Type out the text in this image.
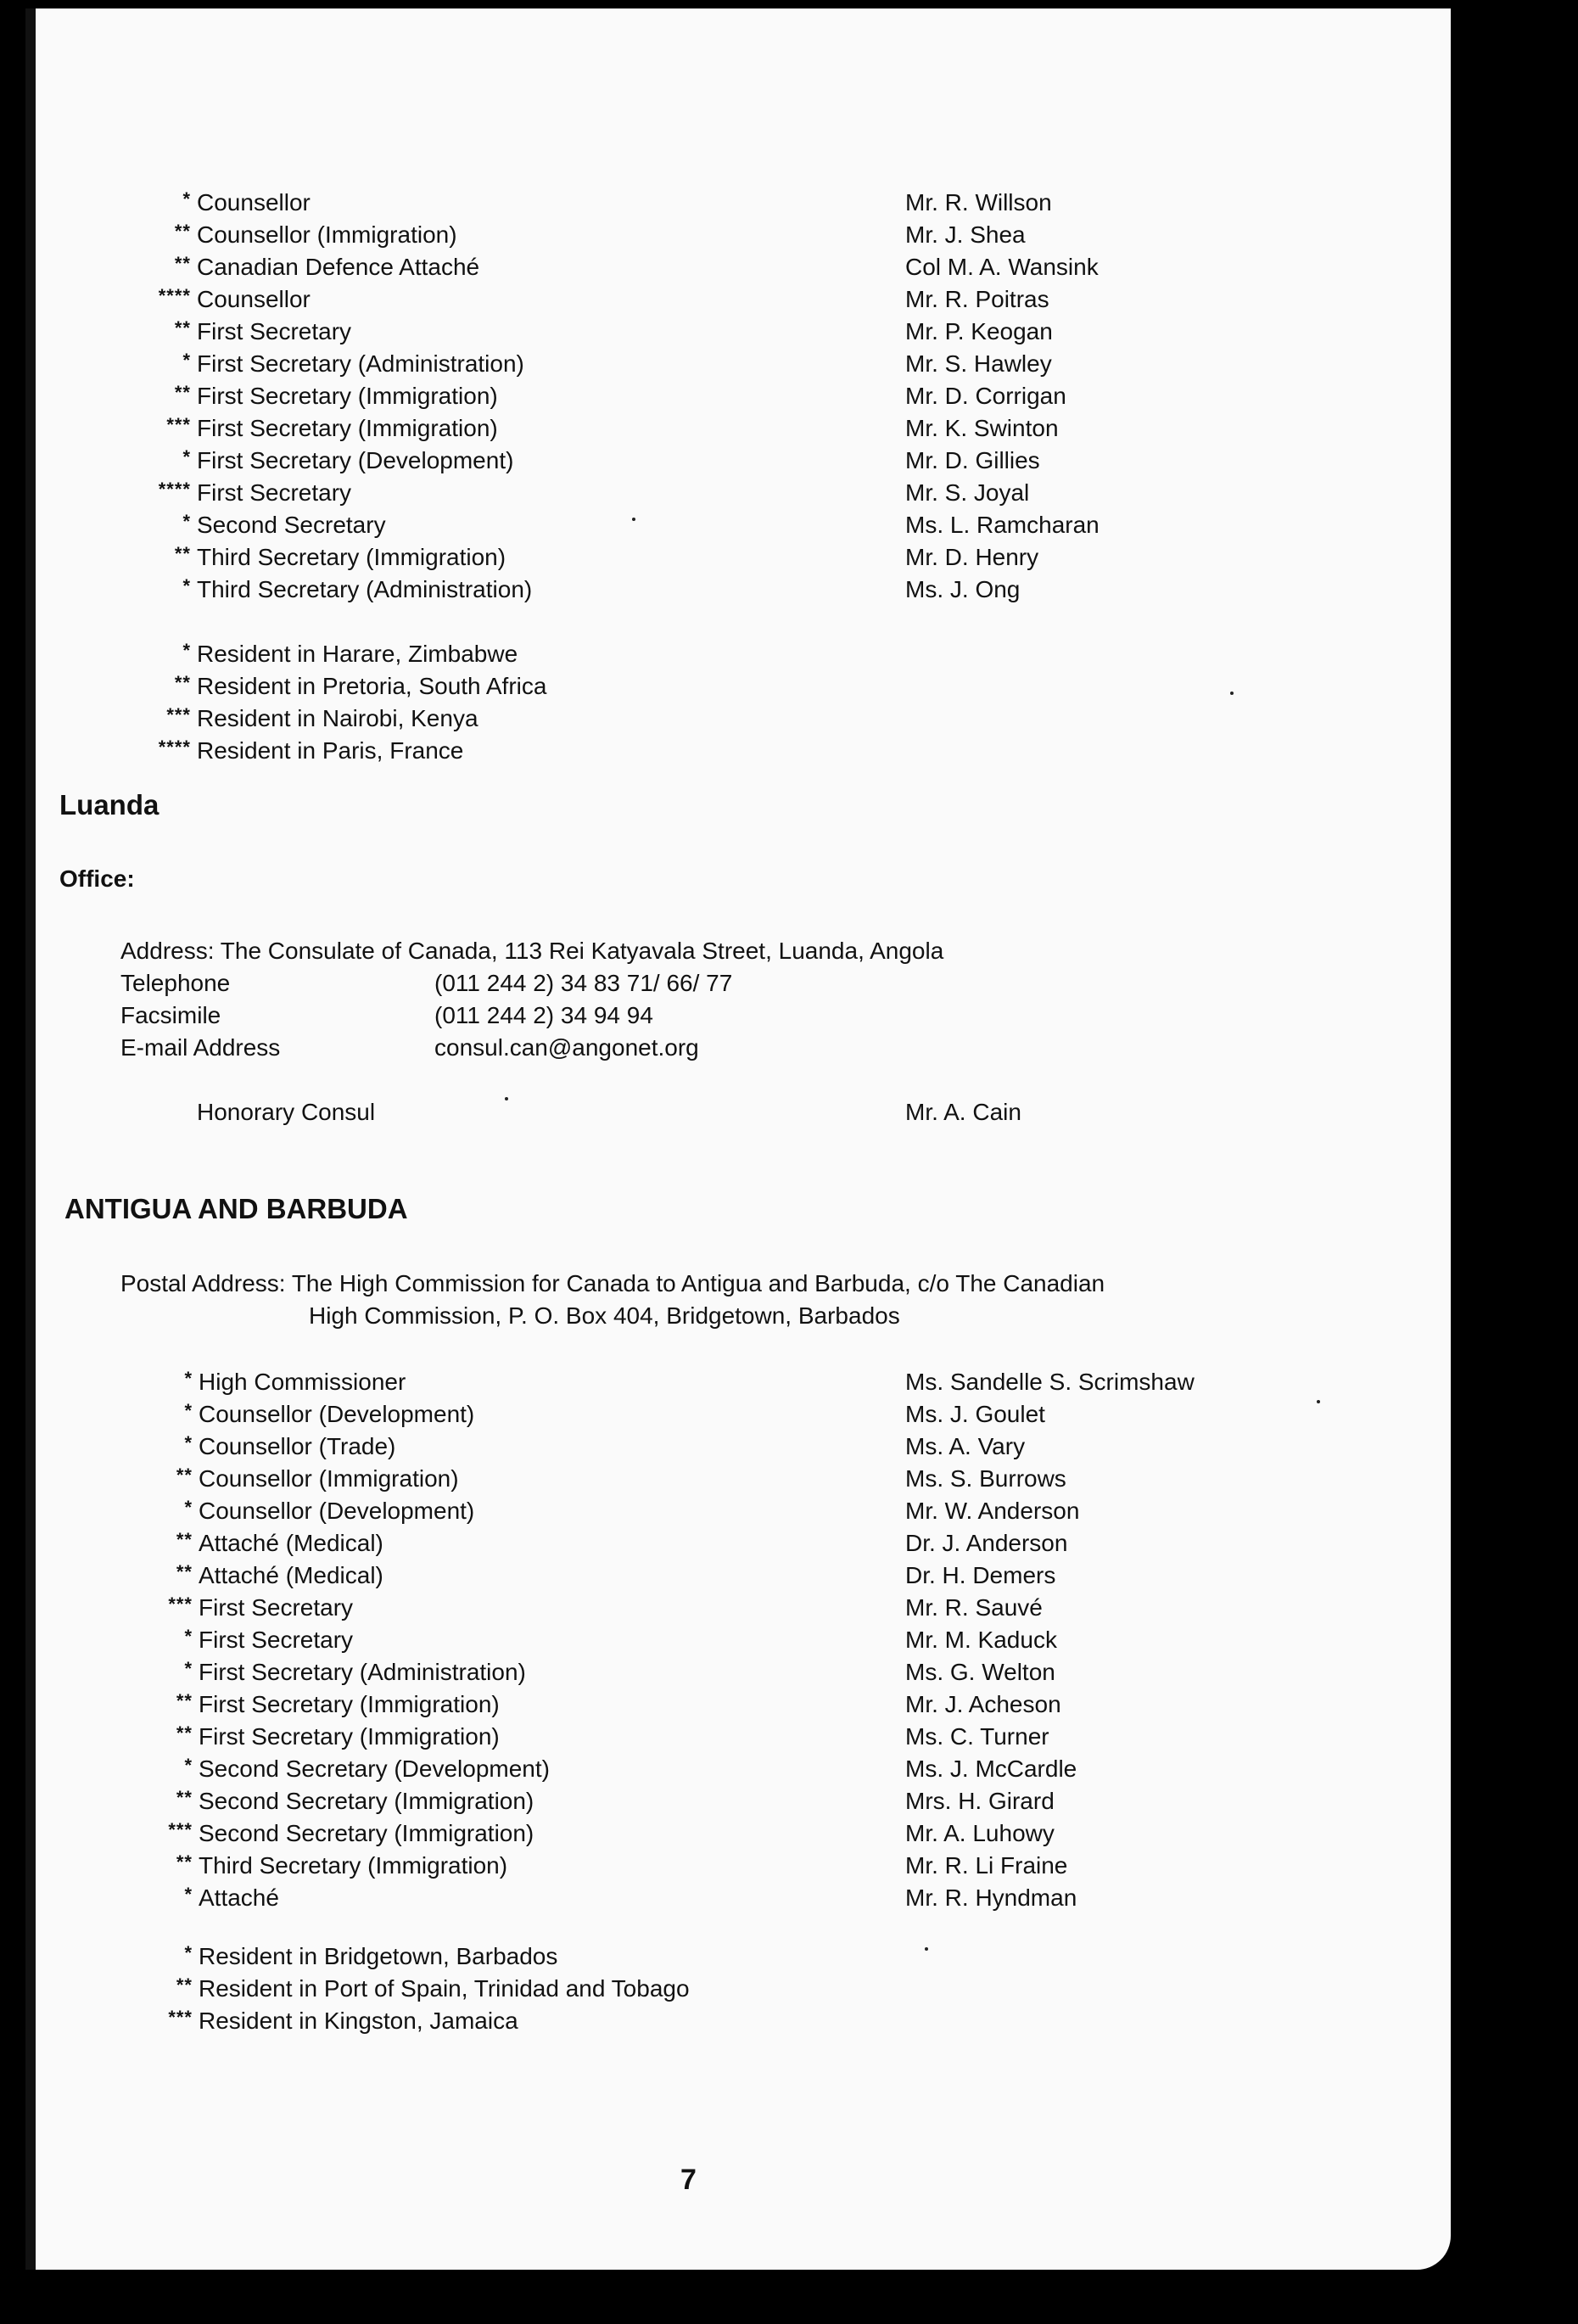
* Counsellor	Mr. R. Willson
** Counsellor (Immigration)	Mr. J. Shea
** Canadian Defence Attaché	Col M. A. Wansink
**** Counsellor	Mr. R. Poitras
** First Secretary	Mr. P. Keogan
* First Secretary (Administration)	Mr. S. Hawley
** First Secretary (Immigration)	Mr. D. Corrigan
*** First Secretary (Immigration)	Mr. K. Swinton
* First Secretary (Development)	Mr. D. Gillies
**** First Secretary	Mr. S. Joyal
* Second Secretary	Ms. L. Ramcharan
** Third Secretary (Immigration)	Mr. D. Henry
* Third Secretary (Administration)	Ms. J. Ong
* Resident in Harare, Zimbabwe
** Resident in Pretoria, South Africa
*** Resident in Nairobi, Kenya
**** Resident in Paris, France
Luanda
Office:
Address: The Consulate of Canada, 113 Rei Katyavala Street, Luanda, Angola
Telephone	(011 244 2) 34 83 71/ 66/ 77
Facsimile	(011 244 2) 34 94 94
E-mail Address	consul.can@angonet.org
Honorary Consul	Mr. A. Cain
ANTIGUA AND BARBUDA
Postal Address: The High Commission for Canada to Antigua and Barbuda, c/o The Canadian
High Commission, P. O. Box 404, Bridgetown, Barbados
* High Commissioner	Ms. Sandelle S. Scrimshaw
* Counsellor (Development)	Ms. J. Goulet
* Counsellor (Trade)	Ms. A. Vary
** Counsellor (Immigration)	Ms. S. Burrows
* Counsellor (Development)	Mr. W. Anderson
** Attaché (Medical)	Dr. J. Anderson
** Attaché (Medical)	Dr. H. Demers
*** First Secretary	Mr. R. Sauvé
* First Secretary	Mr. M. Kaduck
* First Secretary (Administration)	Ms. G. Welton
** First Secretary (Immigration)	Mr. J. Acheson
** First Secretary (Immigration)	Ms. C. Turner
* Second Secretary (Development)	Ms. J. McCardle
** Second Secretary (Immigration)	Mrs. H. Girard
*** Second Secretary (Immigration)	Mr. A. Luhowy
** Third Secretary (Immigration)	Mr. R. Li Fraine
* Attaché	Mr. R. Hyndman
* Resident in Bridgetown, Barbados
** Resident in Port of Spain, Trinidad and Tobago
*** Resident in Kingston, Jamaica
7
